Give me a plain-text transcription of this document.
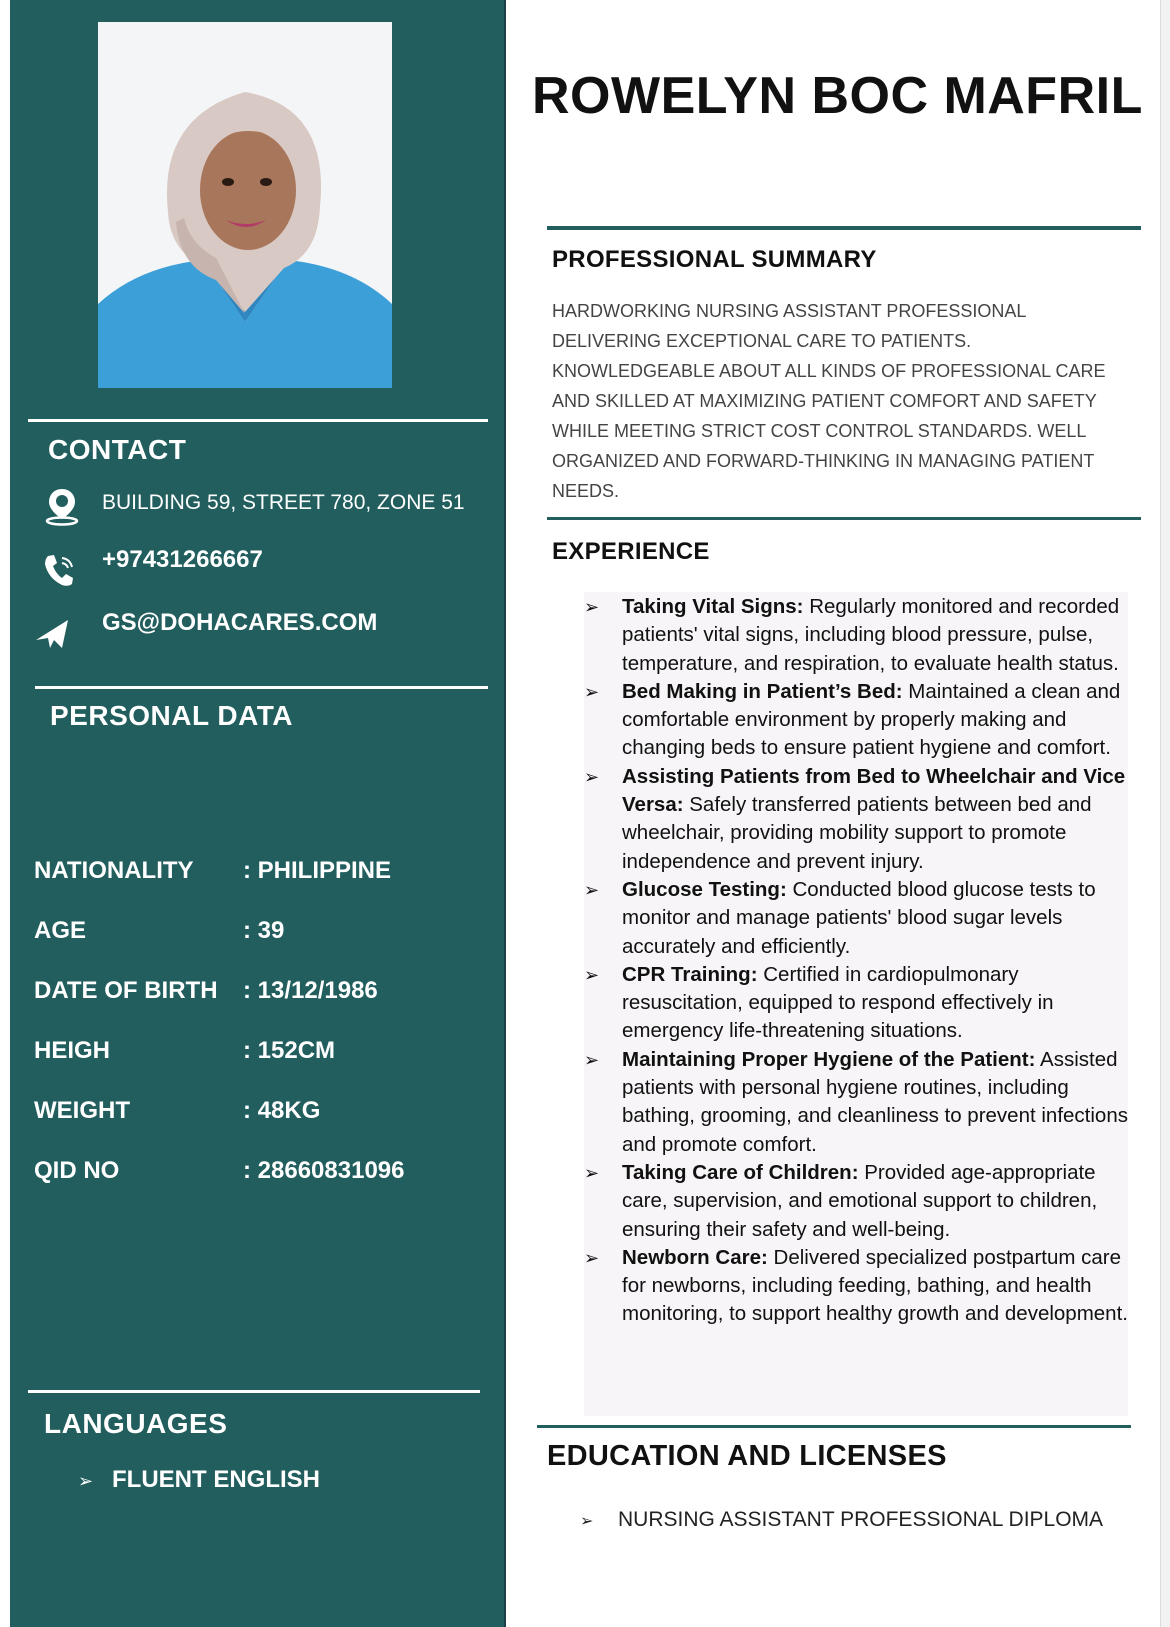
CONTACT
BUILDING 59, STREET 780, ZONE 51
+97431266667
GS@DOHACARES.COM
PERSONAL DATA
NATIONALITY : PHILIPPINE
AGE	: 39
DATE OF BIRTH : 13/12/1986
HEIGH	: 152CM
WEIGHT	: 48KG
QID NO	: 28660831096
LANGUAGES
➢ FLUENT ENGLISH
ROWELYN BOC MAFRIL
PROFESSIONAL SUMMARY
HARDWORKING NURSING ASSISTANT PROFESSIONAL DELIVERING EXCEPTIONAL CARE TO PATIENTS. KNOWLEDGEABLE ABOUT ALL KINDS OF PROFESSIONAL CARE AND SKILLED AT MAXIMIZING PATIENT COMFORT AND SAFETY WHILE MEETING STRICT COST CONTROL STANDARDS. WELL ORGANIZED AND FORWARD-THINKING IN MANAGING PATIENT NEEDS.
EXPERIENCE
➢ Taking Vital Signs: Regularly monitored and recorded patients' vital signs, including blood pressure, pulse, temperature, and respiration, to evaluate health status.
➢ Bed Making in Patient’s Bed: Maintained a clean and comfortable environment by properly making and changing beds to ensure patient hygiene and comfort.
➢ Assisting Patients from Bed to Wheelchair and Vice Versa: Safely transferred patients between bed and wheelchair, providing mobility support to promote independence and prevent injury.
➢ Glucose Testing: Conducted blood glucose tests to monitor and manage patients' blood sugar levels accurately and efficiently.
➢ CPR Training: Certified in cardiopulmonary resuscitation, equipped to respond effectively in emergency life-threatening situations.
➢ Maintaining Proper Hygiene of the Patient: Assisted patients with personal hygiene routines, including bathing, grooming, and cleanliness to prevent infections and promote comfort.
➢ Taking Care of Children: Provided age-appropriate care, supervision, and emotional support to children, ensuring their safety and well-being.
➢ Newborn Care: Delivered specialized postpartum care for newborns, including feeding, bathing, and health monitoring, to support healthy growth and development.
EDUCATION AND LICENSES
➢ NURSING ASSISTANT PROFESSIONAL DIPLOMA
